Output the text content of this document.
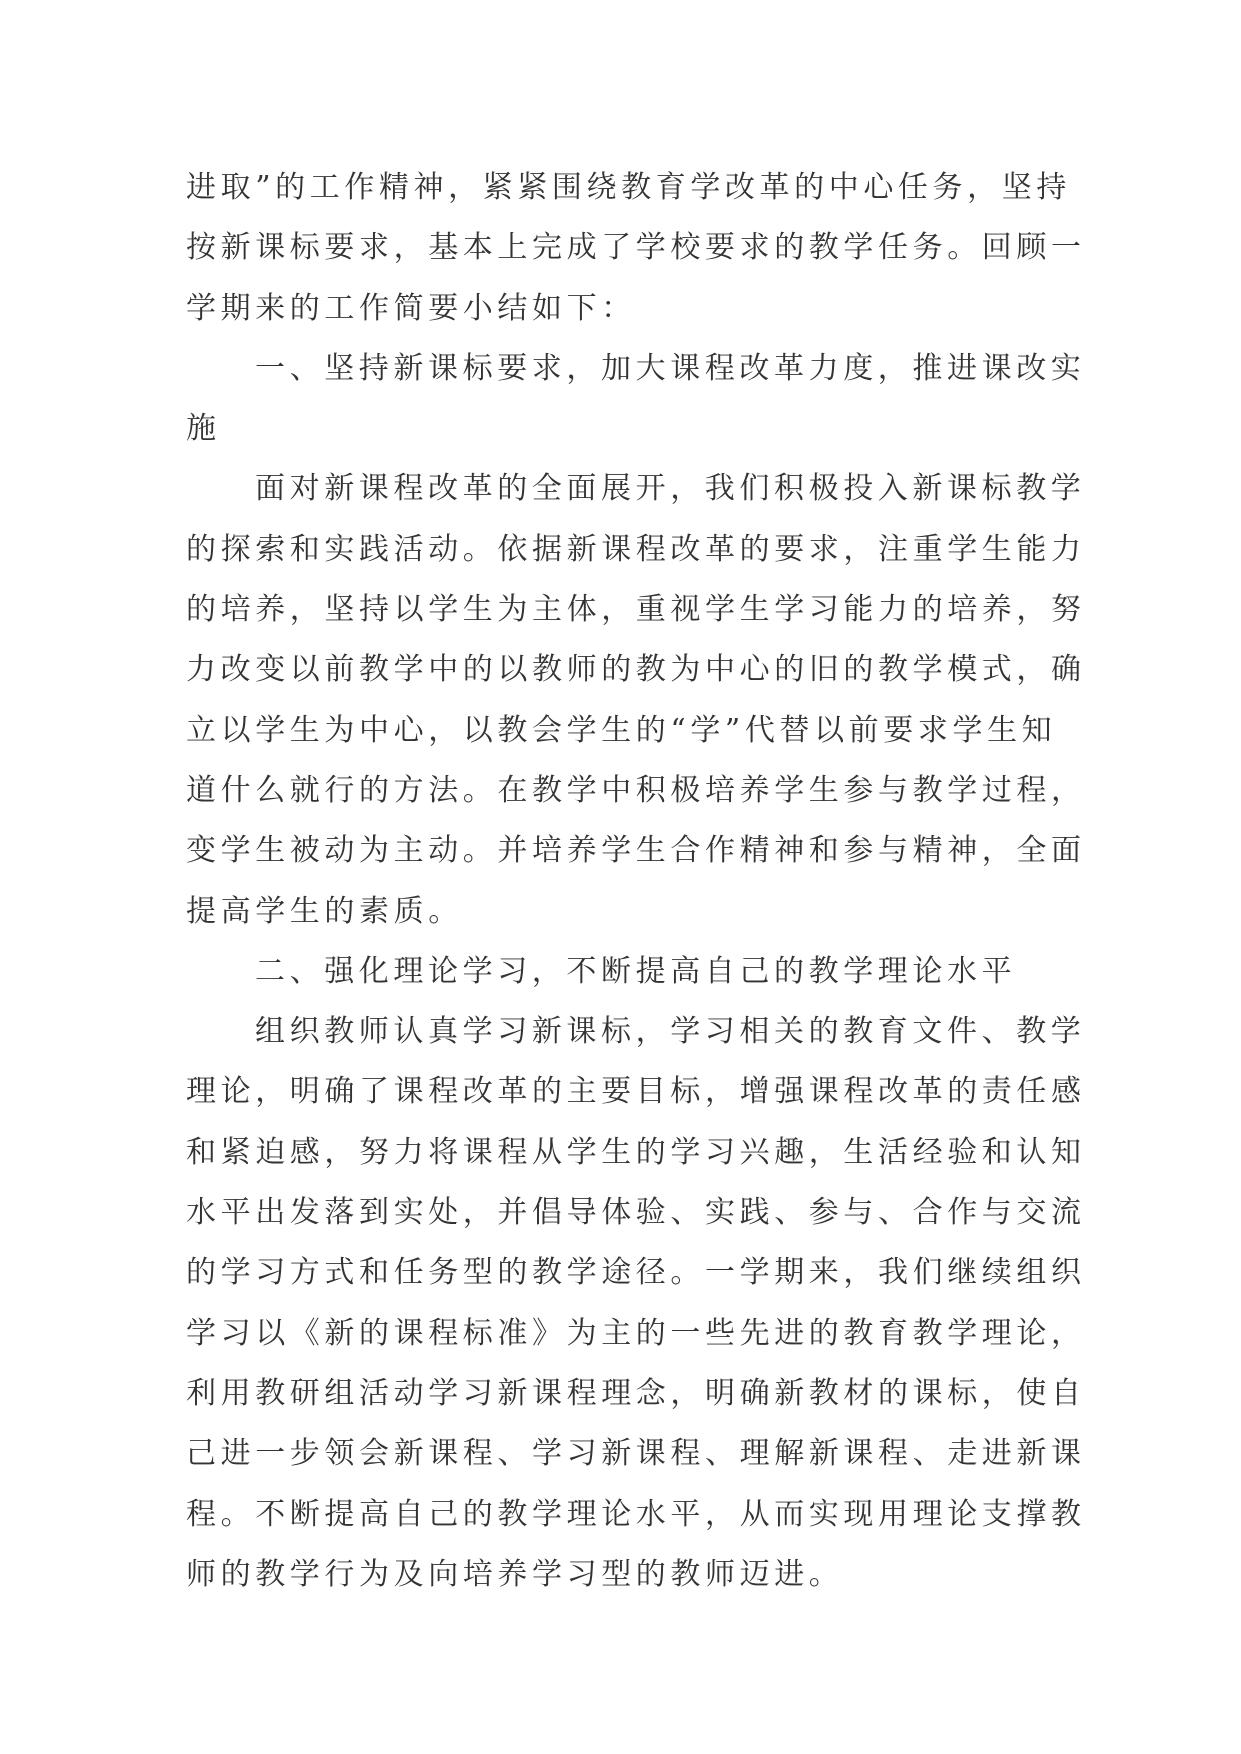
进取”的工作精神，紧紧围绕教育学改革的中心任务，坚持
按新课标要求，基本上完成了学校要求的教学任务。回顾一
学期来的工作简要小结如下：
一、坚持新课标要求，加大课程改革力度，推进课改实
施
面对新课程改革的全面展开，我们积极投入新课标教学
的探索和实践活动。依据新课程改革的要求，注重学生能力
的培养，坚持以学生为主体，重视学生学习能力的培养，努
力改变以前教学中的以教师的教为中心的旧的教学模式，确
立以学生为中心，以教会学生的“学”代替以前要求学生知
道什么就行的方法。在教学中积极培养学生参与教学过程，
变学生被动为主动。并培养学生合作精神和参与精神，全面
提高学生的素质。
二、强化理论学习，不断提高自己的教学理论水平
组织教师认真学习新课标，学习相关的教育文件、教学
理论，明确了课程改革的主要目标，增强课程改革的责任感
和紧迫感，努力将课程从学生的学习兴趣，生活经验和认知
水平出发落到实处，并倡导体验、实践、参与、合作与交流
的学习方式和任务型的教学途径。一学期来，我们继续组织
学习以《新的课程标准》为主的一些先进的教育教学理论，
利用教研组活动学习新课程理念，明确新教材的课标，使自
己进一步领会新课程、学习新课程、理解新课程、走进新课
程。不断提高自己的教学理论水平，从而实现用理论支撑教
师的教学行为及向培养学习型的教师迈进。
